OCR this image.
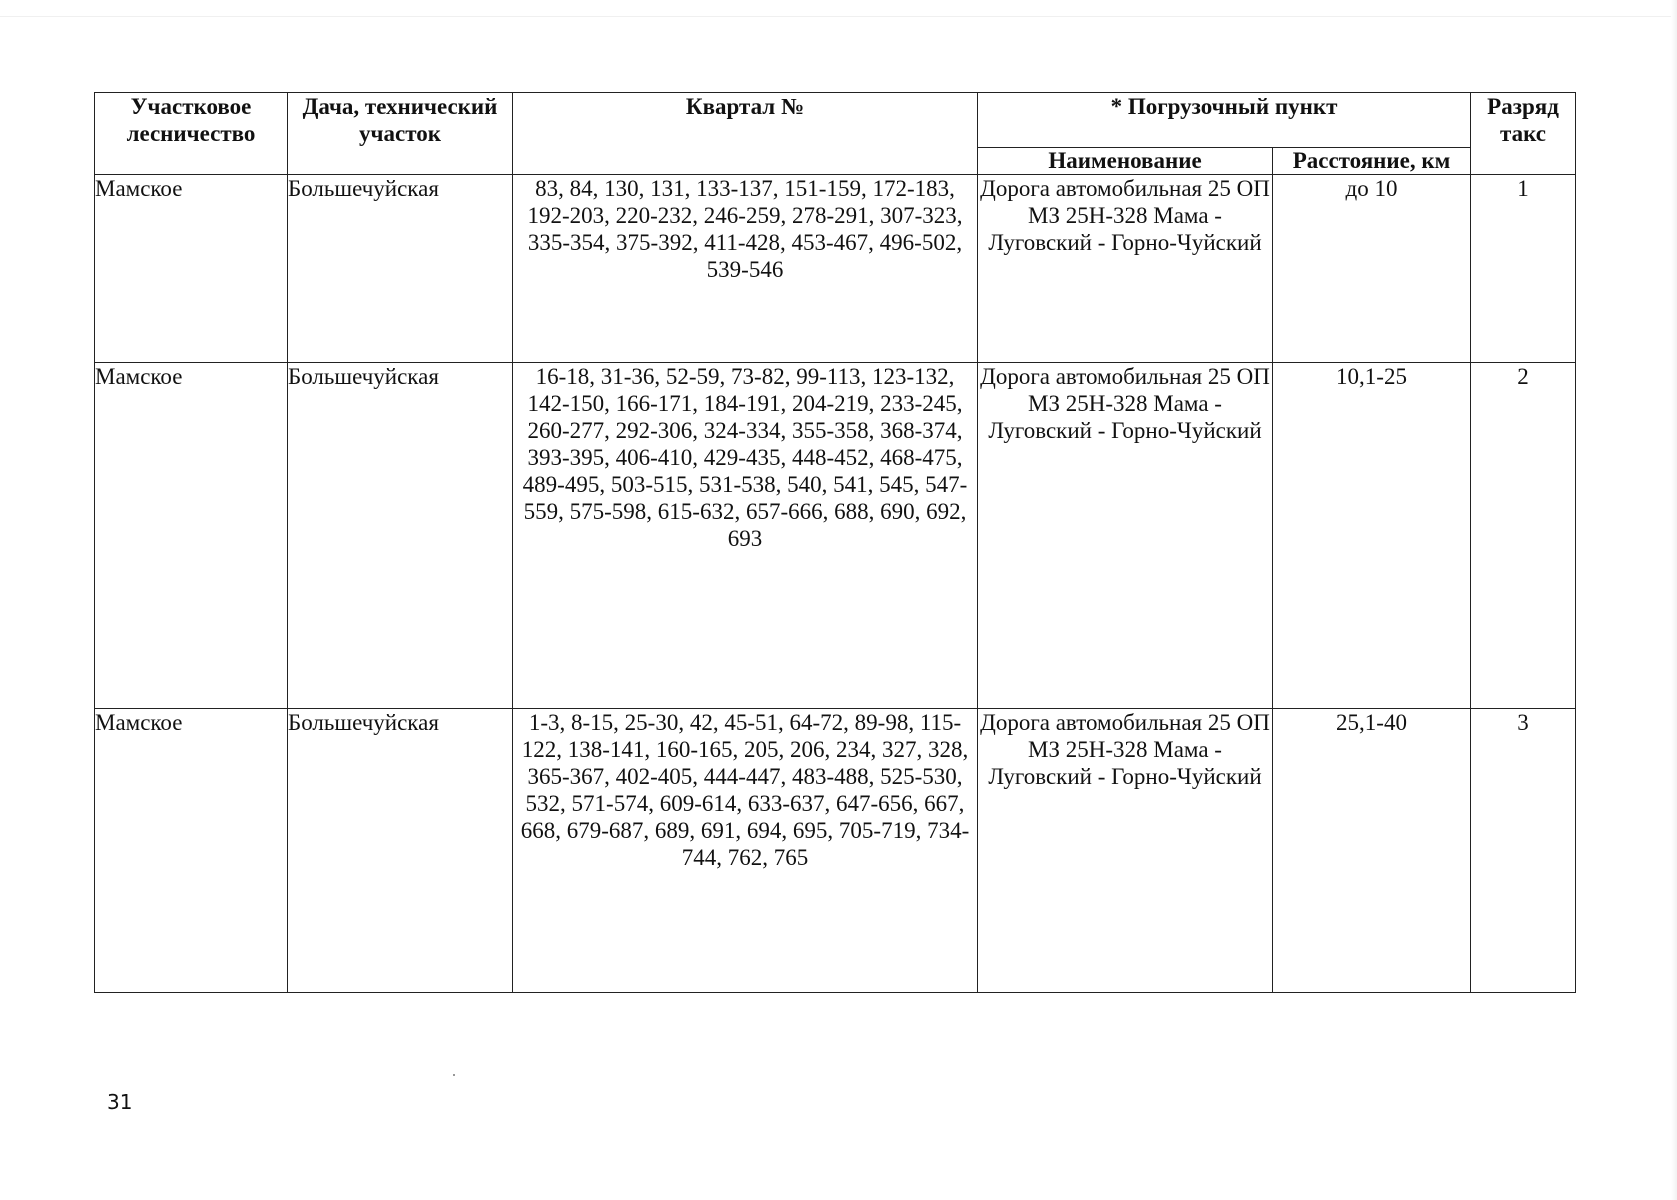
Участковое лесничество	Дача, технический участок	Квартал №	* Погрузочный пункт		Разряд такс
			Наименование	Расстояние, км	
Мамское	Большечуйская	83, 84, 130, 131, 133-137, 151-159, 172-183, 192-203, 220-232, 246-259, 278-291, 307-323, 335-354, 375-392, 411-428, 453-467, 496-502, 539-546	Дорога автомобильная 25 ОП МЗ 25Н-328 Мама - Луговский - Горно-Чуйский	до 10	1
Мамское	Большечуйская	16-18, 31-36, 52-59, 73-82, 99-113, 123-132, 142-150, 166-171, 184-191, 204-219, 233-245, 260-277, 292-306, 324-334, 355-358, 368-374, 393-395, 406-410, 429-435, 448-452, 468-475, 489-495, 503-515, 531-538, 540, 541, 545, 547-559, 575-598, 615-632, 657-666, 688, 690, 692, 693	Дорога автомобильная 25 ОП МЗ 25Н-328 Мама - Луговский - Горно-Чуйский	10,1-25	2
Мамское	Большечуйская	1-3, 8-15, 25-30, 42, 45-51, 64-72, 89-98, 115-122, 138-141, 160-165, 205, 206, 234, 327, 328, 365-367, 402-405, 444-447, 483-488, 525-530, 532, 571-574, 609-614, 633-637, 647-656, 667, 668, 679-687, 689, 691, 694, 695, 705-719, 734-744, 762, 765	Дорога автомобильная 25 ОП МЗ 25Н-328 Мама - Луговский - Горно-Чуйский	25,1-40	3
31
